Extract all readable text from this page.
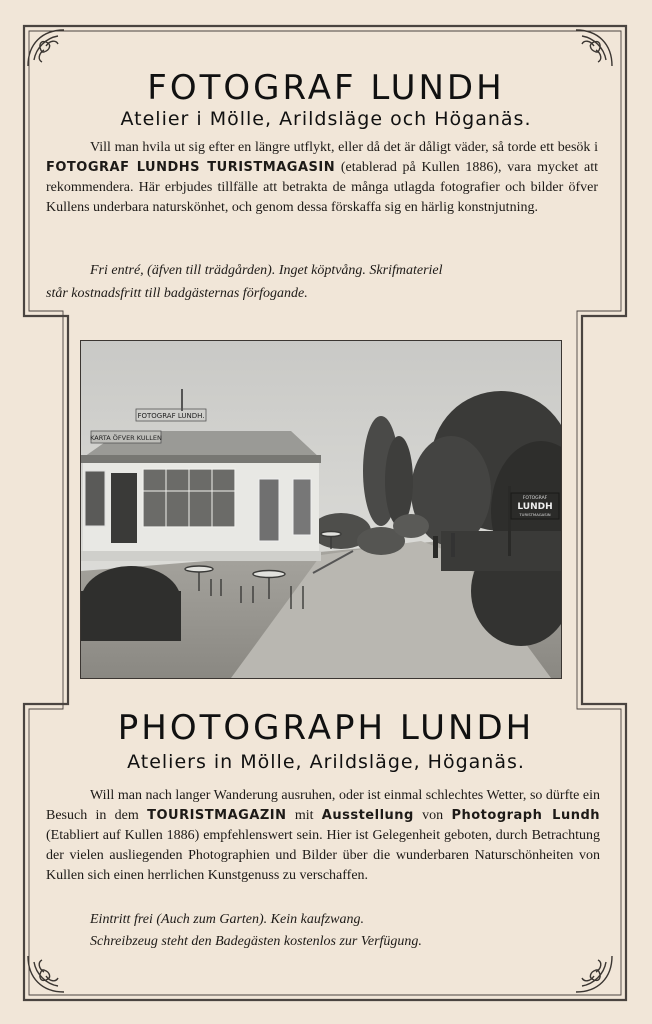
FOTOGRAF LUNDH
Atelier i Mölle, Arildsläge och Höganäs.

Vill man hvila ut sig efter en längre utflykt, eller då det är dåligt väder, så torde ett besök i FOTOGRAF LUNDHS TURISTMAGASIN (etablerad på Kullen 1886), vara mycket att rekommendera. Här erbjudes tillfälle att betrakta de många utlagda fotografier och bilder öfver Kullens underbara naturskönhet, och genom dessa förskaffa sig en härlig konstnjutning.

Fri entré, (äfven till trädgården). Inget köptvång. Skrifmateriel

står kostnadsfritt till badgästernas förfogande.

FOTOGRAF
LUNDH
TURISTMAGASIN
FOTOGRAF LUNDH.
KARTA ÖFVER KULLEN
PHOTOGRAPH LUNDH
Ateliers in Mölle, Arildsläge, Höganäs.

Will man nach langer Wanderung ausruhen, oder ist einmal schlechtes Wetter, so dürfte ein Besuch in dem TOURISTMAGAZIN mit Ausstellung von Photograph Lundh (Etabliert auf Kullen 1886) empfehlenswert sein. Hier ist Gelegenheit geboten, durch Betrachtung der vielen ausliegenden Photographien und Bilder über die wunderbaren Naturschönheiten von Kullen sich einen herrlichen Kunstgenuss zu verschaffen.

Eintritt frei (Auch zum Garten). Kein kaufzwang.

Schreibzeug steht den Badegästen kostenlos zur Verfügung.
